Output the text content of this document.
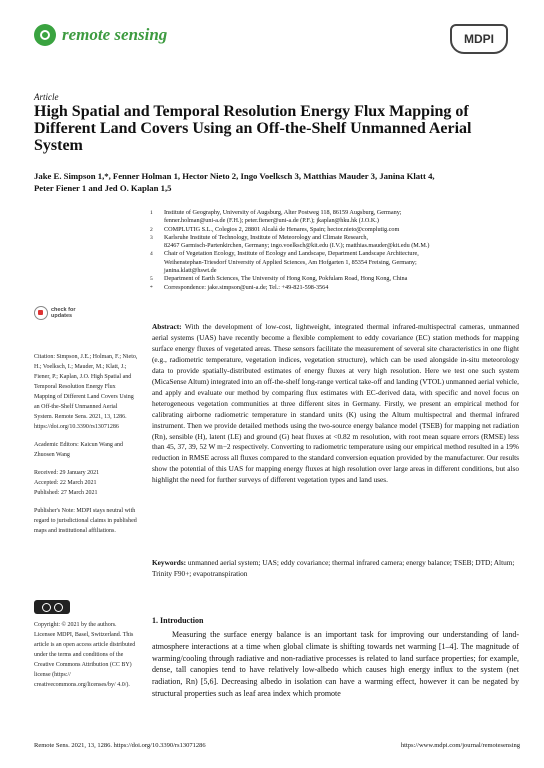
remote sensing	MDPI
Article
High Spatial and Temporal Resolution Energy Flux Mapping of Different Land Covers Using an Off-the-Shelf Unmanned Aerial System
Jake E. Simpson 1,*, Fenner Holman 1, Hector Nieto 2, Ingo Voelksch 3, Matthias Mauder 3, Janina Klatt 4,
Peter Fiener 1 and Jed O. Kaplan 1,5
1	Institute of Geography, University of Augsburg, Alter Postweg 118, 86159 Augsburg, Germany;
fenner.holman@uni-a.de (F.H.); peter.fiener@uni-a.de (P.F.); jkaplan@hku.hk (J.O.K.)
2	COMPLUTIG S.L., Colegios 2, 28801 Alcalá de Henares, Spain; hector.nieto@complutig.com
3	Karlsruhe Institute of Technology, Institute of Meteorology and Climate Research,
82467 Garmisch-Partenkirchen, Germany; ingo.voelksch@kit.edu (I.V.); matthias.mauder@kit.edu (M.M.)
4	Chair of Vegetation Ecology, Institute of Ecology and Landscape, Department Landscape Architecture,
Weihenstephan-Triesdorf University of Applied Sciences, Am Hofgarten 1, 85354 Freising, Germany;
janina.klatt@hswt.de
5	Department of Earth Sciences, The University of Hong Kong, Pokfulam Road, Hong Kong, China
*	Correspondence: jake.simpson@uni-a.de; Tel.: +49-821-598-3564
check for
updates
Citation: Simpson, J.E.; Holman, F.; Nieto, H.; Voelksch, I.; Mauder, M.; Klatt, J.; Fiener, P.; Kaplan, J.O. High Spatial and Temporal Resolution Energy Flux Mapping of Different Land Covers Using an Off-the-Shelf Unmanned Aerial System. Remote Sens. 2021, 13, 1286. https://doi.org/10.3390/rs13071286
Academic Editors: Kaicun Wang and Zhuosen Wang
Received: 29 January 2021
Accepted: 22 March 2021
Published: 27 March 2021
Publisher's Note: MDPI stays neutral with regard to jurisdictional claims in published maps and institutional affiliations.
Copyright: © 2021 by the authors. Licensee MDPI, Basel, Switzerland. This article is an open access article distributed under the terms and conditions of the Creative Commons Attribution (CC BY) license (https:// creativecommons.org/licenses/by/ 4.0/).
Abstract: With the development of low-cost, lightweight, integrated thermal infrared-multispectral cameras, unmanned aerial systems (UAS) have recently become a flexible complement to eddy covariance (EC) station methods for mapping surface energy fluxes of vegetated areas. These sensors facilitate the measurement of several site characteristics in one flight (e.g., radiometric temperature, vegetation indices, vegetation structure), which can be used alongside in-situ meteorology data to provide spatially-distributed estimates of energy fluxes at very high resolution. Here we test one such system (MicaSense Altum) integrated into an off-the-shelf long-range vertical take-off and landing (VTOL) unmanned aerial vehicle, and apply and evaluate our method by comparing flux estimates with EC-derived data, with specific and novel focus on heterogeneous vegetation communities at three different sites in Germany. Firstly, we present an empirical method for calibrating airborne radiometric temperature in standard units (K) using the Altum multispectral and thermal infrared instrument. Then we provide detailed methods using the two-source energy balance model (TSEB) for mapping net radiation (Rn), sensible (H), latent (LE) and ground (G) heat fluxes at <0.82 m resolution, with root mean square errors (RMSE) less than 45, 37, 39, 52 W m−2 respectively. Converting to radiometric temperature using our empirical method resulted in a 19% reduction in RMSE across all fluxes compared to the standard conversion equation provided by the manufacturer. Our results show the potential of this UAS for mapping energy fluxes at high resolution over large areas in different conditions, but also highlight the need for further surveys of different vegetation types and land uses.
Keywords: unmanned aerial system; UAS; eddy covariance; thermal infrared camera; energy balance; TSEB; DTD; Altum; Trinity F90+; evapotranspiration
1. Introduction
Measuring the surface energy balance is an important task for improving our understanding of land-atmosphere interactions at a time when global climate is shifting towards net warming [1–4]. The magnitude of warming/cooling through radiative and non-radiative processes is related to land surface properties; for example, dense, tall canopies tend to have relatively low-albedo which causes high energy influx to the system (net radiation, Rn) [5,6]. Decreasing albedo in isolation can have a warming effect, however it can be negated by structural properties such as leaf area index which promote
Remote Sens. 2021, 13, 1286. https://doi.org/10.3390/rs13071286	https://www.mdpi.com/journal/remotesensing
